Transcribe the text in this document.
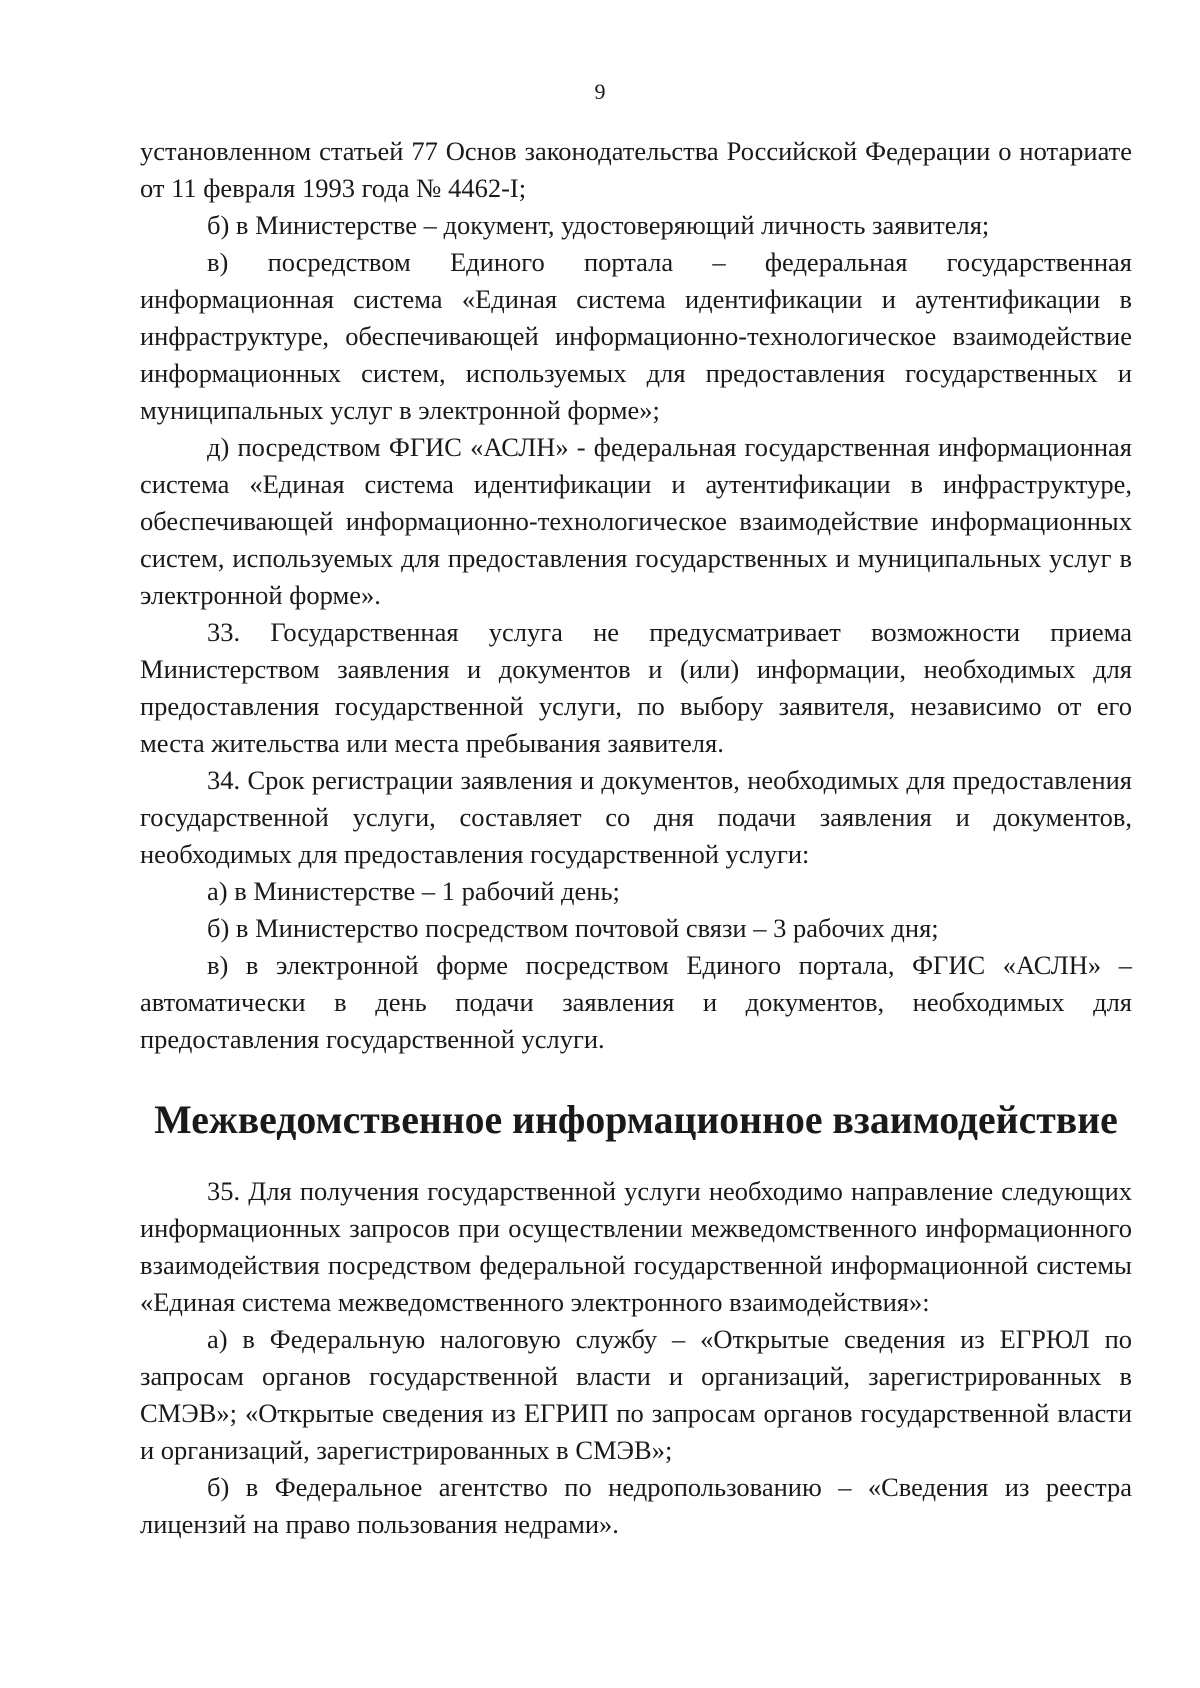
9

установленном статьей 77 Основ законодательства Российской Федерации о нотариате от 11 февраля 1993 года № 4462-I;

б) в Министерстве – документ, удостоверяющий личность заявителя;

в) посредством Единого портала – федеральная государственная информационная система «Единая система идентификации и аутентификации в инфраструктуре, обеспечивающей информационно-технологическое взаимодействие информационных систем, используемых для предоставления государственных и муниципальных услуг в электронной форме»;

д) посредством ФГИС «АСЛН» - федеральная государственная информационная система «Единая система идентификации и аутентификации в инфраструктуре, обеспечивающей информационно-технологическое взаимодействие информационных систем, используемых для предоставления государственных и муниципальных услуг в электронной форме».

33. Государственная услуга не предусматривает возможности приема Министерством заявления и документов и (или) информации, необходимых для предоставления государственной услуги, по выбору заявителя, независимо от его места жительства или места пребывания заявителя.

34. Срок регистрации заявления и документов, необходимых для предоставления государственной услуги, составляет со дня подачи заявления и документов, необходимых для предоставления государственной услуги:

а) в Министерстве – 1 рабочий день;

б) в Министерство посредством почтовой связи – 3 рабочих дня;

в) в электронной форме посредством Единого портала, ФГИС «АСЛН» – автоматически в день подачи заявления и документов, необходимых для предоставления государственной услуги.

Межведомственное информационное взаимодействие

35. Для получения государственной услуги необходимо направление следующих информационных запросов при осуществлении межведомственного информационного взаимодействия посредством федеральной государственной информационной системы «Единая система межведомственного электронного взаимодействия»:

а) в Федеральную налоговую службу – «Открытые сведения из ЕГРЮЛ по запросам органов государственной власти и организаций, зарегистрированных в СМЭВ»; «Открытые сведения из ЕГРИП по запросам органов государственной власти и организаций, зарегистрированных в СМЭВ»;

б) в Федеральное агентство по недропользованию – «Сведения из реестра лицензий на право пользования недрами».
